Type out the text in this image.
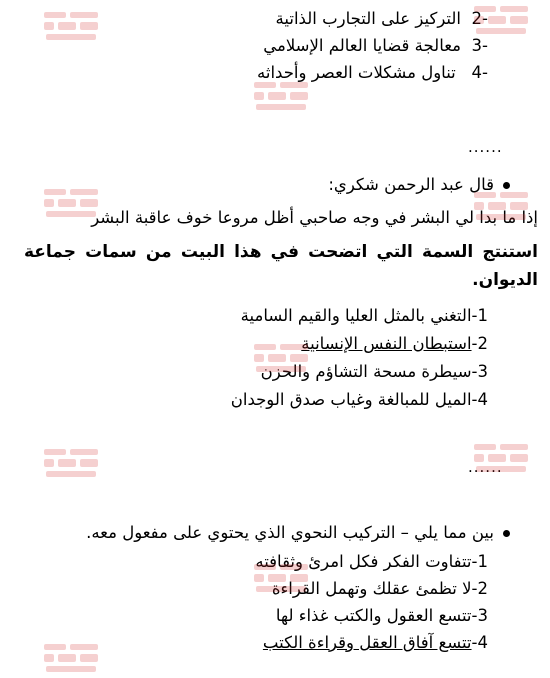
-2  التركيز على التجارب الذاتية
-3  معالجة قضايا العالم الإسلامي
-4   تناول مشكلات العصر وأحداثه
......
قال عبد الرحمن شكري:
إذا ما بدا لي البشر في وجه صاحبي أظل مروعا خوف عاقبة البشر
استنتج السمة التي اتضحت في هذا البيت من سمات جماعة الديوان.
1-التغني بالمثل العليا والقيم السامية
2-استبطان النفس الإنسانية
3-سيطرة مسحة التشاؤم والحزن
4-الميل للمبالغة وغياب صدق الوجدان
......
بين مما يلي – التركيب النحوي الذي يحتوي على مفعول معه.
1-تتفاوت الفكر فكل امرئ وثقافته
2-لا تظمئ عقلك وتهمل القراءة
3-تتسع العقول والكتب غذاء لها
4-تتسع آفاق العقل وقراءة الكتب
